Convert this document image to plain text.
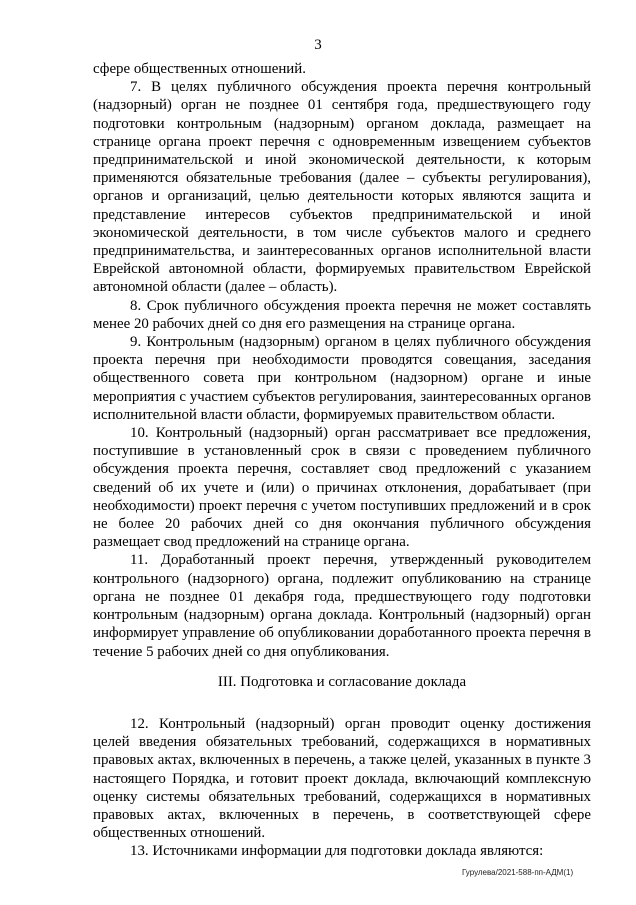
3

сфере общественных отношений.

7. В целях публичного обсуждения проекта перечня контрольный (надзорный) орган не позднее 01 сентября года, предшествующего году подготовки контрольным (надзорным) органом доклада, размещает на странице органа проект перечня с одновременным извещением субъектов предпринимательской и иной экономической деятельности, к которым применяются обязательные требования (далее – субъекты регулирования), органов и организаций, целью деятельности которых являются защита и представление интересов субъектов предпринимательской и иной экономической деятельности, в том числе субъектов малого и среднего предпринимательства, и заинтересованных органов исполнительной власти Еврейской автономной области, формируемых правительством Еврейской автономной области (далее – область).

8. Срок публичного обсуждения проекта перечня не может составлять менее 20 рабочих дней со дня его размещения на странице органа.

9. Контрольным (надзорным) органом в целях публичного обсуждения проекта перечня при необходимости проводятся совещания, заседания общественного совета при контрольном (надзорном) органе и иные мероприятия с участием субъектов регулирования, заинтересованных органов исполнительной власти области, формируемых правительством области.

10. Контрольный (надзорный) орган рассматривает все предложения, поступившие в установленный срок в связи с проведением публичного обсуждения проекта перечня, составляет свод предложений с указанием сведений об их учете и (или) о причинах отклонения, дорабатывает (при необходимости) проект перечня с учетом поступивших предложений и в срок не более 20 рабочих дней со дня окончания публичного обсуждения размещает свод предложений на странице органа.

11. Доработанный проект перечня, утвержденный руководителем контрольного (надзорного) органа, подлежит опубликованию на странице органа не позднее 01 декабря года, предшествующего году подготовки контрольным (надзорным) органа доклада. Контрольный (надзорный) орган информирует управление об опубликовании доработанного проекта перечня в течение 5 рабочих дней со дня опубликования.

III. Подготовка и согласование доклада

12. Контрольный (надзорный) орган проводит оценку достижения целей введения обязательных требований, содержащихся в нормативных правовых актах, включенных в перечень, а также целей, указанных в пункте 3 настоящего Порядка, и готовит проект доклада, включающий комплексную оценку системы обязательных требований, содержащихся в нормативных правовых актах, включенных в перечень, в соответствующей сфере общественных отношений.

13. Источниками информации для подготовки доклада являются:

Гурулева/2021-588-пп-АДМ(1)
